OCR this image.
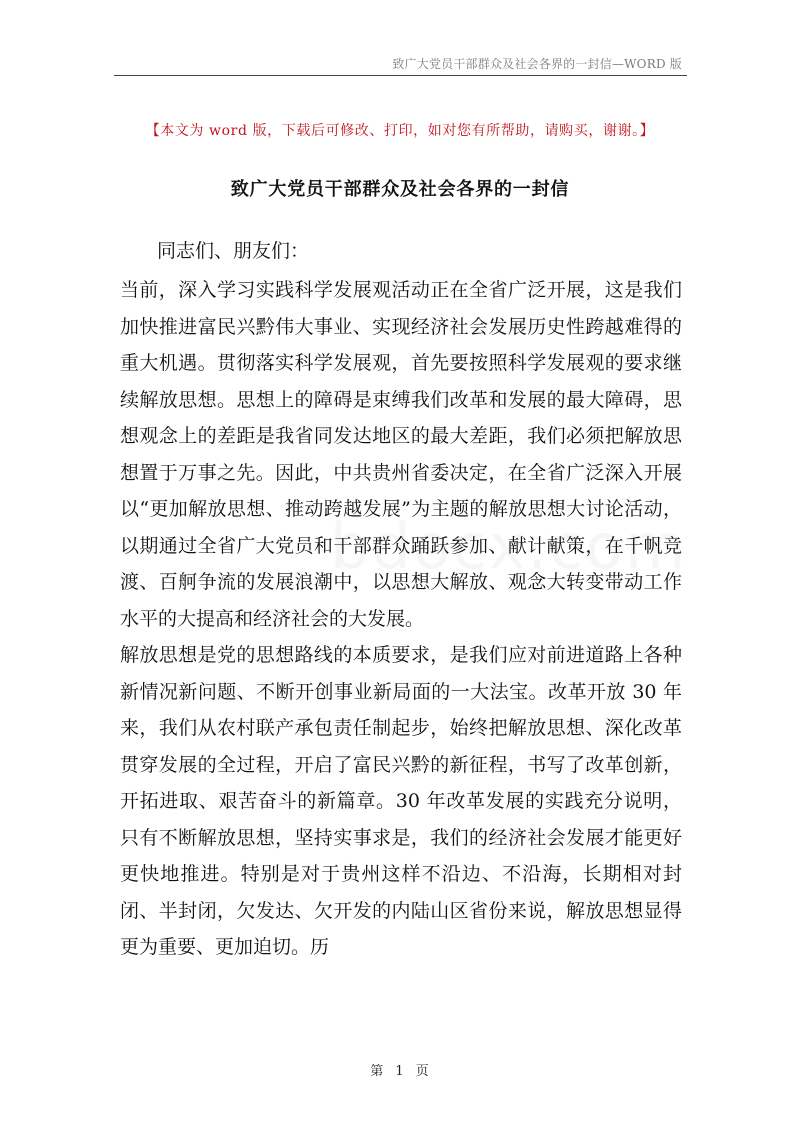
致广大党员干部群众及社会各界的一封信—WORD 版
【本文为 word 版，下载后可修改、打印，如对您有所帮助，请购买，谢谢。】
致广大党员干部群众及社会各界的一封信
同志们、朋友们：

当前，深入学习实践科学发展观活动正在全省广泛开展，这是我们加快推进富民兴黔伟大事业、实现经济社会发展历史性跨越难得的重大机遇。贯彻落实科学发展观，首先要按照科学发展观的要求继续解放思想。思想上的障碍是束缚我们改革和发展的最大障碍，思想观念上的差距是我省同发达地区的最大差距，我们必须把解放思想置于万事之先。因此，中共贵州省委决定，在全省广泛深入开展以“更加解放思想、推动跨越发展”为主题的解放思想大讨论活动，以期通过全省广大党员和干部群众踊跃参加、献计献策，在千帆竞渡、百舸争流的发展浪潮中，以思想大解放、观念大转变带动工作水平的大提高和经济社会的大发展。

解放思想是党的思想路线的本质要求，是我们应对前进道路上各种新情况新问题、不断开创事业新局面的一大法宝。改革开放 30 年来，我们从农村联产承包责任制起步，始终把解放思想、深化改革贯穿发展的全过程，开启了富民兴黔的新征程，书写了改革创新，开拓进取、艰苦奋斗的新篇章。30 年改革发展的实践充分说明，只有不断解放思想，坚持实事求是，我们的经济社会发展才能更好更快地推进。特别是对于贵州这样不沿边、不沿海，长期相对封闭、半封闭，欠发达、欠开发的内陆山区省份来说，解放思想显得更为重要、更加迫切。历

第 1 页
